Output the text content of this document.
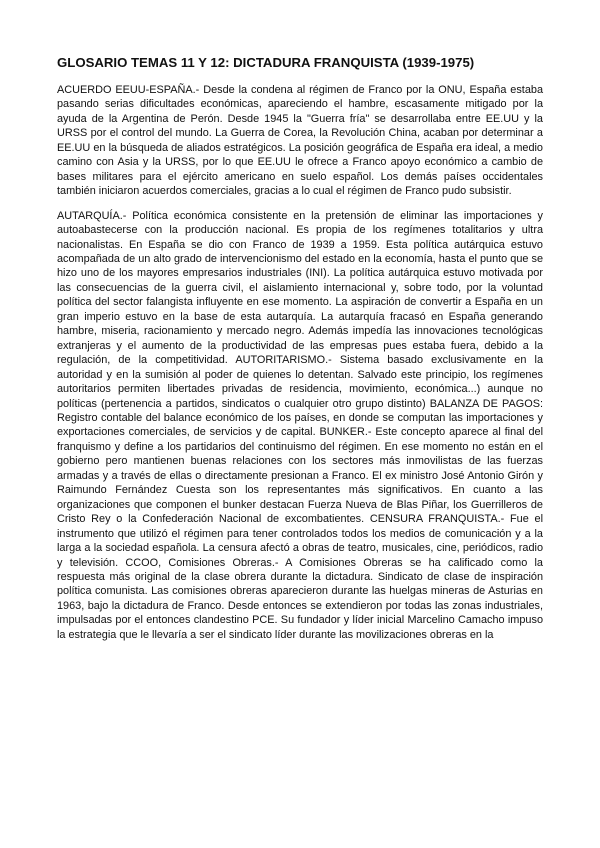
GLOSARIO TEMAS 11 Y 12: DICTADURA FRANQUISTA (1939-1975)

ACUERDO EEUU-ESPAÑA.- Desde la condena al régimen de Franco por la ONU, España estaba pasando serias dificultades económicas, apareciendo el hambre, escasamente mitigado por la ayuda de la Argentina de Perón. Desde 1945 la "Guerra fría" se desarrollaba entre EE.UU y la URSS por el control del mundo. La Guerra de Corea, la Revolución China, acaban por determinar a EE.UU en la búsqueda de aliados estratégicos. La posición geográfica de España era ideal, a medio camino con Asia y la URSS, por lo que EE.UU le ofrece a Franco apoyo económico a cambio de bases militares para el ejército americano en suelo español. Los demás países occidentales también iniciaron acuerdos comerciales, gracias a lo cual el régimen de Franco pudo subsistir.

AUTARQUÍA.- Política económica consistente en la pretensión de eliminar las importaciones y autoabastecerse con la producción nacional. Es propia de los regímenes totalitarios y ultra nacionalistas. En España se dio con Franco de 1939 a 1959. Esta política autárquica estuvo acompañada de un alto grado de intervencionismo del estado en la economía, hasta el punto que se hizo uno de los mayores empresarios industriales (INI). La política autárquica estuvo motivada por las consecuencias de la guerra civil, el aislamiento internacional y, sobre todo, por la voluntad política del sector falangista influyente en ese momento. La aspiración de convertir a España en un gran imperio estuvo en la base de esta autarquía. La autarquía fracasó en España generando hambre, miseria, racionamiento y mercado negro. Además impedía las innovaciones tecnológicas extranjeras y el aumento de la productividad de las empresas pues estaba fuera, debido a la regulación, de la competitividad. AUTORITARISMO.- Sistema basado exclusivamente en la autoridad y en la sumisión al poder de quienes lo detentan. Salvado este principio, los regímenes autoritarios permiten libertades privadas de residencia, movimiento, económica...) aunque no políticas (pertenencia a partidos, sindicatos o cualquier otro grupo distinto) BALANZA DE PAGOS: Registro contable del balance económico de los países, en donde se computan las importaciones y exportaciones comerciales, de servicios y de capital. BUNKER.- Este concepto aparece al final del franquismo y define a los partidarios del continuismo del régimen. En ese momento no están en el gobierno pero mantienen buenas relaciones con los sectores más inmovilistas de las fuerzas armadas y a través de ellas o directamente presionan a Franco. El ex ministro José Antonio Girón y Raimundo Fernández Cuesta son los representantes más significativos. En cuanto a las organizaciones que componen el bunker destacan Fuerza Nueva de Blas Piñar, los Guerrilleros de Cristo Rey o la Confederación Nacional de excombatientes. CENSURA FRANQUISTA.- Fue el instrumento que utilizó el régimen para tener controlados todos los medios de comunicación y a la larga a la sociedad española. La censura afectó a obras de teatro, musicales, cine, periódicos, radio y televisión. CCOO, Comisiones Obreras.- A Comisiones Obreras se ha calificado como la respuesta más original de la clase obrera durante la dictadura. Sindicato de clase de inspiración política comunista. Las comisiones obreras aparecieron durante las huelgas mineras de Asturias en 1963, bajo la dictadura de Franco. Desde entonces se extendieron por todas las zonas industriales, impulsadas por el entonces clandestino PCE. Su fundador y líder inicial Marcelino Camacho impuso la estrategia que le llevaría a ser el sindicato líder durante las movilizaciones obreras en la
